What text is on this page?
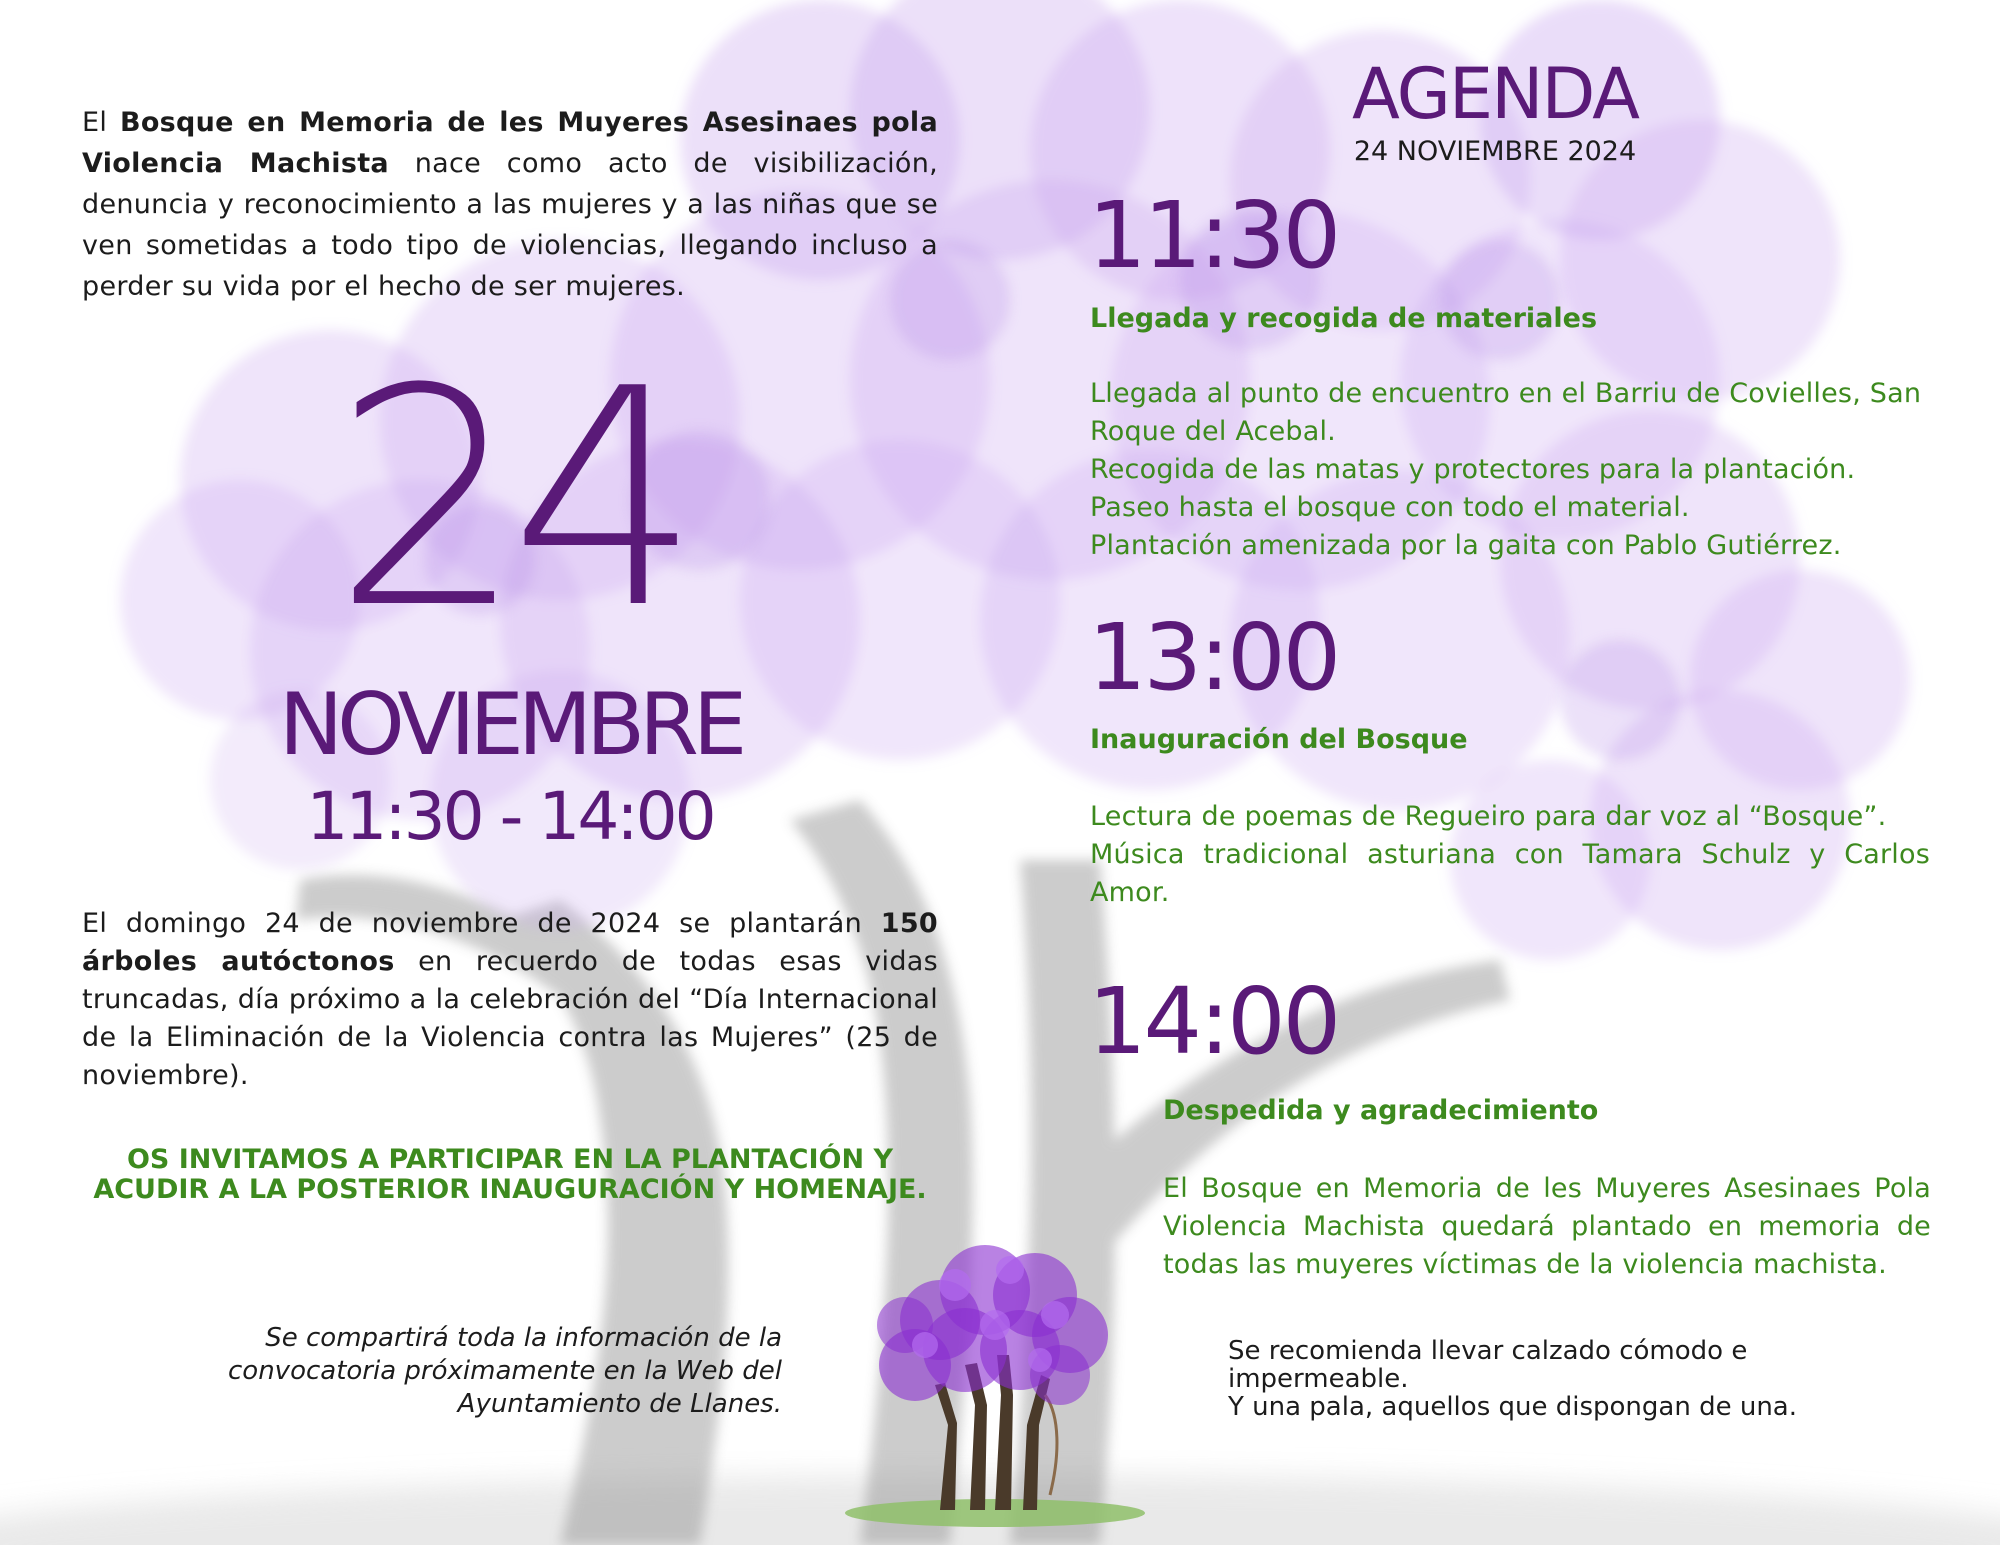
El Bosque en Memoria de les Muyeres Asesinaes pola Violencia Machista nace como acto de visibilización, denuncia y reconocimiento a las mujeres y a las niñas que se ven sometidas a todo tipo de violencias, llegando incluso a perder su vida por el hecho de ser mujeres.
24
NOVIEMBRE
11:30 - 14:00
El domingo 24 de noviembre de 2024 se plantarán 150 árboles autóctonos en recuerdo de todas esas vidas truncadas, día próximo a la celebración del “Día Internacional de la Eliminación de la Violencia contra las Mujeres” (25 de noviembre).
OS INVITAMOS A PARTICIPAR EN LA PLANTACIÓN Y ACUDIR A LA POSTERIOR INAUGURACIÓN Y HOMENAJE.
Se compartirá toda la información de la convocatoria próximamente en la Web del Ayuntamiento de Llanes.
AGENDA
24 NOVIEMBRE 2024
11:30
Llegada y recogida de materiales
Llegada al punto de encuentro en el Barriu de Covielles, San Roque del Acebal.
Recogida de las matas y protectores para la plantación.
Paseo hasta el bosque con todo el material.
Plantación amenizada por la gaita con Pablo Gutiérrez.
13:00
Inauguración del Bosque
Lectura de poemas de Regueiro para dar voz al “Bosque”.
Música tradicional asturiana con Tamara Schulz y Carlos Amor.
14:00
Despedida y agradecimiento
El Bosque en Memoria de les Muyeres Asesinaes Pola Violencia Machista quedará plantado en memoria de todas las muyeres víctimas de la violencia machista.
Se recomienda llevar calzado cómodo e impermeable.
Y una pala, aquellos que dispongan de una.
